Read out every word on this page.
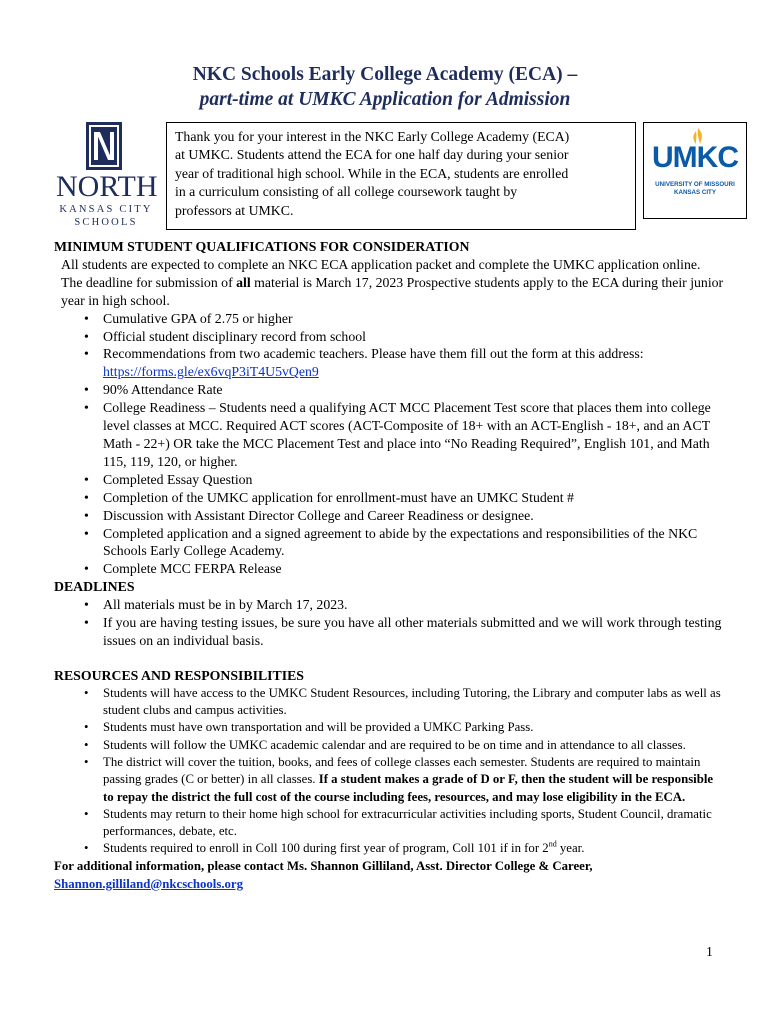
NKC Schools Early College Academy (ECA) –
part-time at UMKC Application for Admission
NORTH
KANSAS CITY
SCHOOLS
Thank you for your interest in the NKC Early College Academy (ECA)
at UMKC. Students attend the ECA for one half day during your senior
year of traditional high school. While in the ECA, students are enrolled
in a curriculum consisting of all college coursework taught by
professors at UMKC.
UMKC
UNIVERSITY OF MISSOURI
KANSAS CITY
MINIMUM STUDENT QUALIFICATIONS FOR CONSIDERATION
All students are expected to complete an NKC ECA application packet and complete the UMKC application online. The deadline for submission of all material is March 17, 2023 Prospective students apply to the ECA during their junior year in high school.
• Cumulative GPA of 2.75 or higher
• Official student disciplinary record from school
• Recommendations from two academic teachers. Please have them fill out the form at this address:
https://forms.gle/ex6vqP3iT4U5vQen9
• 90% Attendance Rate
• College Readiness – Students need a qualifying ACT MCC Placement Test score that places them into college level classes at MCC. Required ACT scores (ACT-Composite of 18+ with an ACT-English - 18+, and an ACT Math - 22+) OR take the MCC Placement Test and place into “No Reading Required”, English 101, and Math 115, 119, 120, or higher.
• Completed Essay Question
• Completion of the UMKC application for enrollment-must have an UMKC Student #
• Discussion with Assistant Director College and Career Readiness or designee.
• Completed application and a signed agreement to abide by the expectations and responsibilities of the NKC Schools Early College Academy.
• Complete MCC FERPA Release
DEADLINES
• All materials must be in by March 17, 2023.
• If you are having testing issues, be sure you have all other materials submitted and we will work through testing issues on an individual basis.
RESOURCES AND RESPONSIBILITIES
• Students will have access to the UMKC Student Resources, including Tutoring, the Library and computer labs as well as student clubs and campus activities.
• Students must have own transportation and will be provided a UMKC Parking Pass.
• Students will follow the UMKC academic calendar and are required to be on time and in attendance to all classes.
• The district will cover the tuition, books, and fees of college classes each semester. Students are required to maintain passing grades (C or better) in all classes. If a student makes a grade of D or F, then the student will be responsible to repay the district the full cost of the course including fees, resources, and may lose eligibility in the ECA.
• Students may return to their home high school for extracurricular activities including sports, Student Council, dramatic performances, debate, etc.
• Students required to enroll in Coll 100 during first year of program, Coll 101 if in for 2nd year.
For additional information, please contact Ms. Shannon Gilliland, Asst. Director College & Career,
Shannon.gilliland@nkcschools.org
1
